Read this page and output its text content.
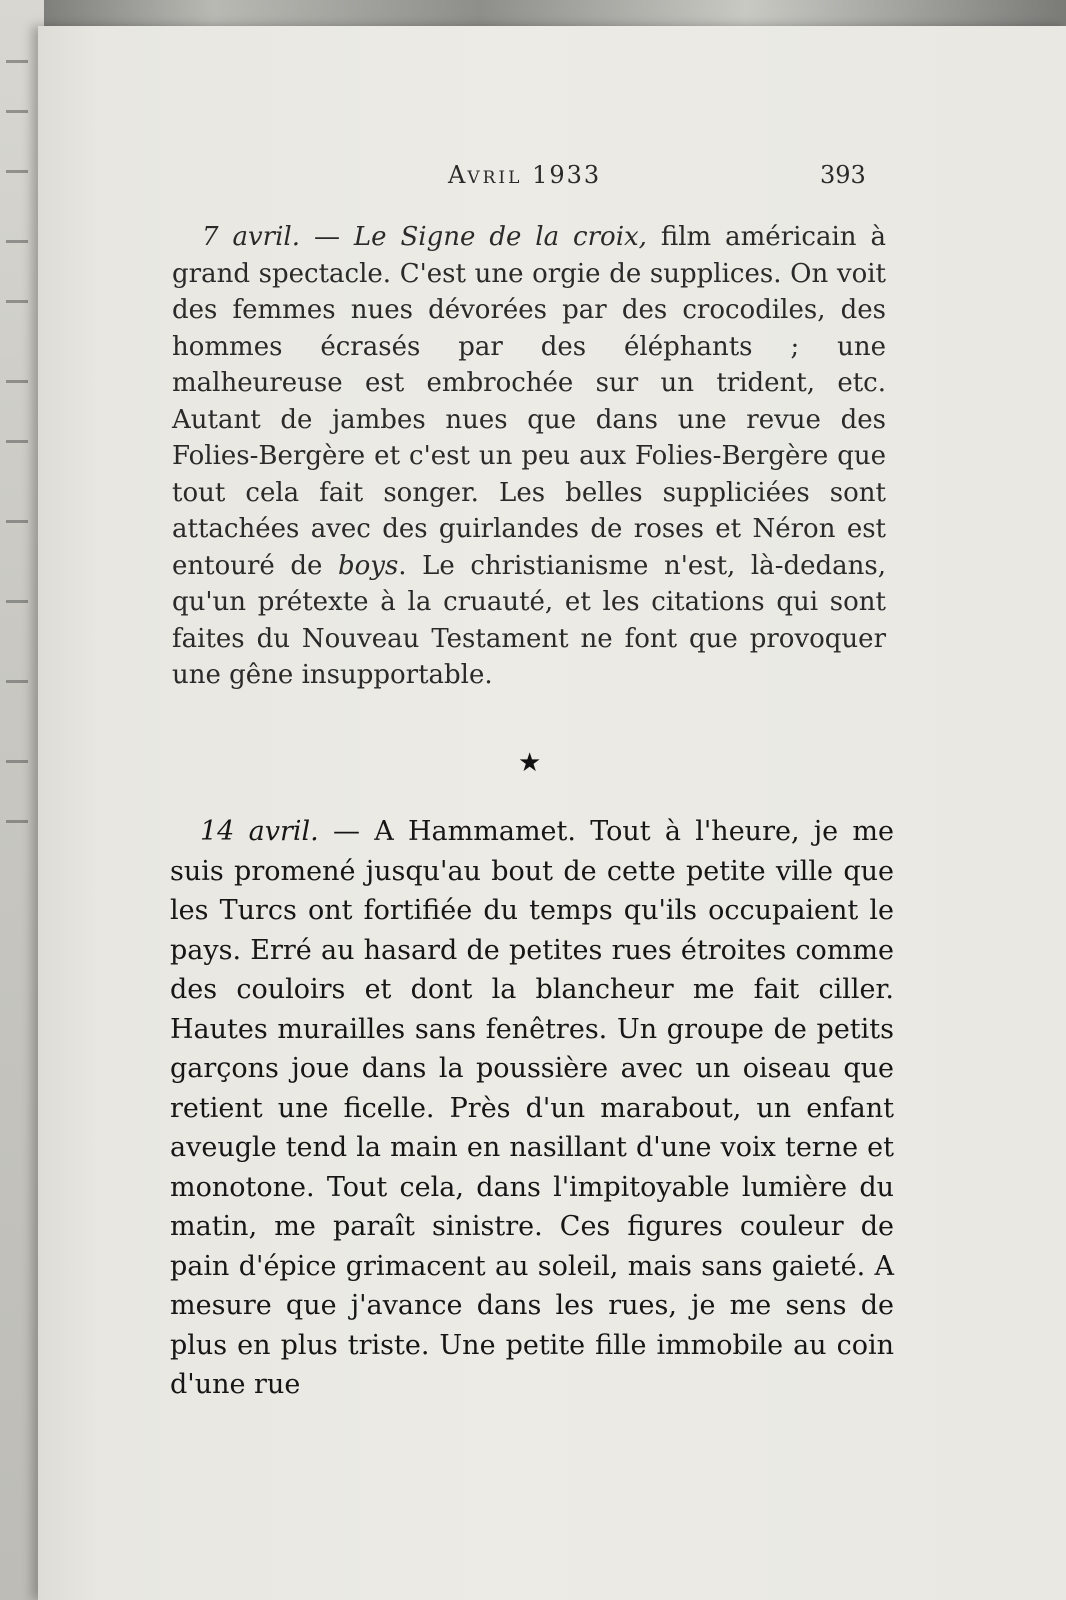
AVRIL 1933	393

7 avril. — Le Signe de la croix, film américain à grand spectacle. C'est une orgie de supplices. On voit des femmes nues dévorées par des crocodiles, des hommes écrasés par des éléphants ; une malheureuse est embrochée sur un trident, etc. Autant de jambes nues que dans une revue des Folies-Bergère et c'est un peu aux Folies-Bergère que tout cela fait songer. Les belles suppliciées sont attachées avec des guirlandes de roses et Néron est entouré de boys. Le christianisme n'est, là-dedans, qu'un prétexte à la cruauté, et les citations qui sont faites du Nouveau Testament ne font que provoquer une gêne insupportable.

★

14 avril. — A Hammamet. Tout à l'heure, je me suis promené jusqu'au bout de cette petite ville que les Turcs ont fortifiée du temps qu'ils occupaient le pays. Erré au hasard de petites rues étroites comme des couloirs et dont la blancheur me fait ciller. Hautes murailles sans fenêtres. Un groupe de petits garçons joue dans la poussière avec un oiseau que retient une ficelle. Près d'un marabout, un enfant aveugle tend la main en nasillant d'une voix terne et monotone. Tout cela, dans l'impitoyable lumière du matin, me paraît sinistre. Ces figures couleur de pain d'épice grimacent au soleil, mais sans gaieté. A mesure que j'avance dans les rues, je me sens de plus en plus triste. Une petite fille immobile au coin d'une rue
